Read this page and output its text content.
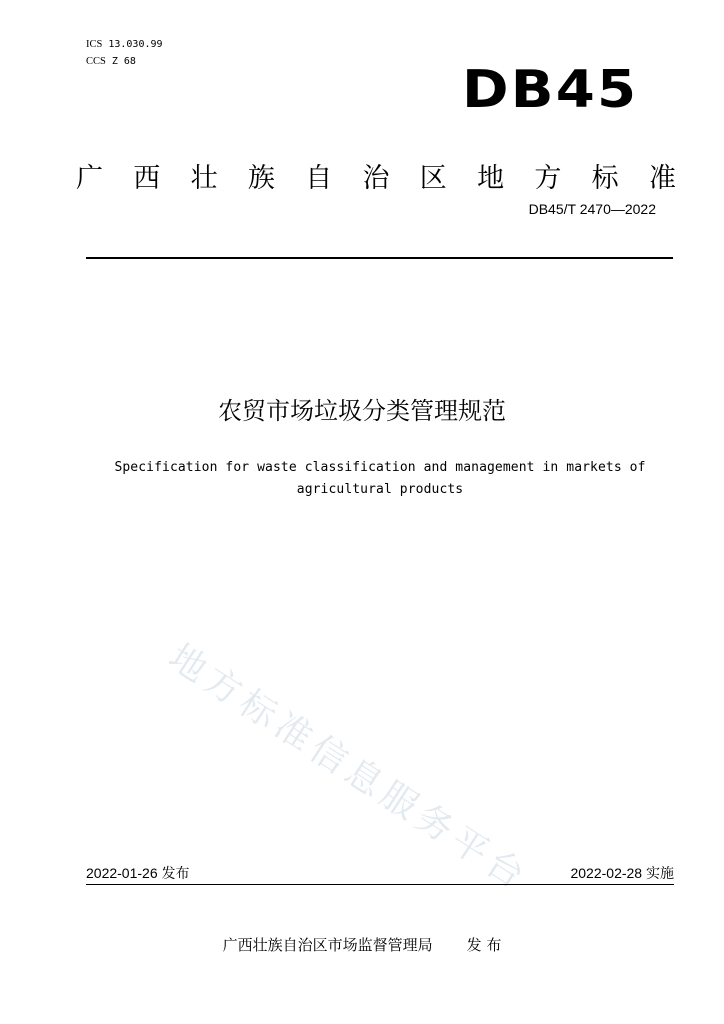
ICS 13.030.99
CCS Z 68	DB45
广 西 壮 族 自 治 区 地 方 标 准
DB45/T 2470—2022
农贸市场垃圾分类管理规范
Specification for waste classification and management in markets of
agricultural products
地方标准信息服务平台
2022-01-26 发布	2022-02-28 实施
广西壮族自治区市场监督管理局 发 布
